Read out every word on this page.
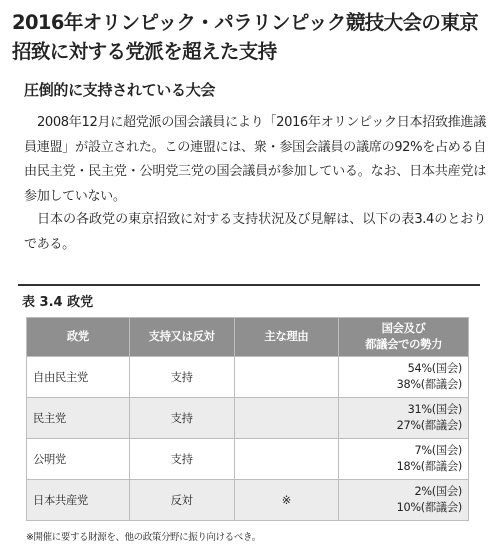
2016年オリンピック・パラリンピック競技大会の東京招致に対する党派を超えた支持
圧倒的に支持されている大会

2008年12月に超党派の国会議員により「2016年オリンピック日本招致推進議員連盟」が設立された。この連盟には、衆・参国会議員の議席の92%を占める自由民主党・民主党・公明党三党の国会議員が参加している。なお、日本共産党は参加していない。

日本の各政党の東京招致に対する支持状況及び見解は、以下の表3.4のとおりである。

表 3.4 政党
政党	支持又は反対	主な理由	国会及び
都議会での勢力
自由民主党	支持		54%(国会)
38%(都議会)
民主党	支持		31%(国会)
27%(都議会)
公明党	支持		7%(国会)
18%(都議会)
日本共産党	反対	※	2%(国会)
10%(都議会)
※開催に要する財源を、他の政策分野に振り向けるべき。
